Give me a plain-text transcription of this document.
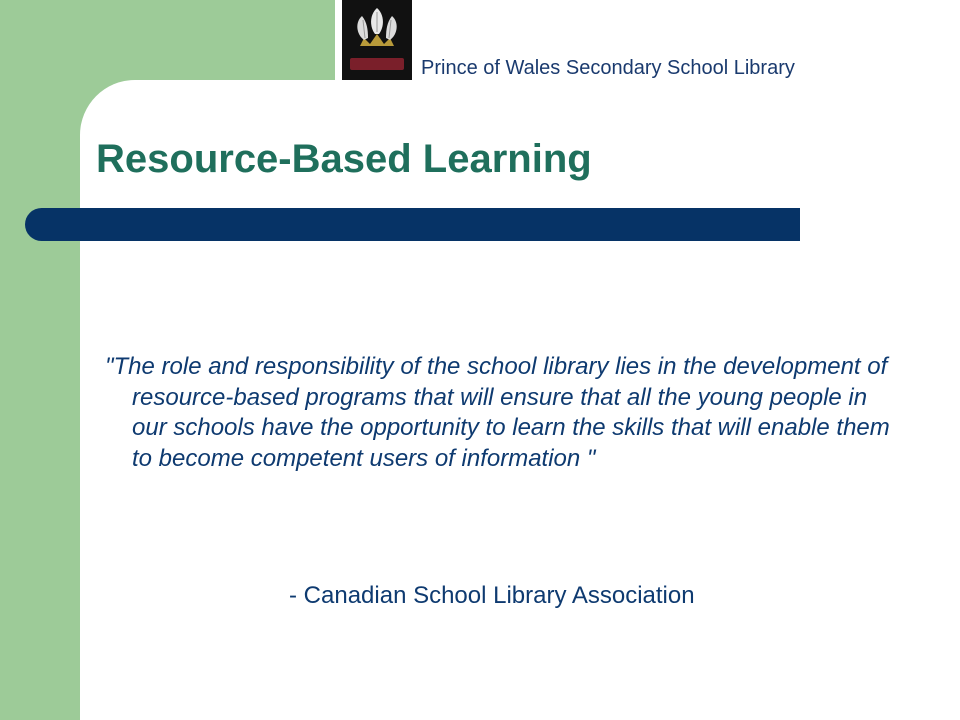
Prince of Wales Secondary School Library
Resource-Based Learning
"The role and responsibility of the school library lies in the development of resource-based programs that will ensure that all the young people in our schools have the opportunity to learn the skills that will enable them to become competent users of information "
- Canadian School Library Association
